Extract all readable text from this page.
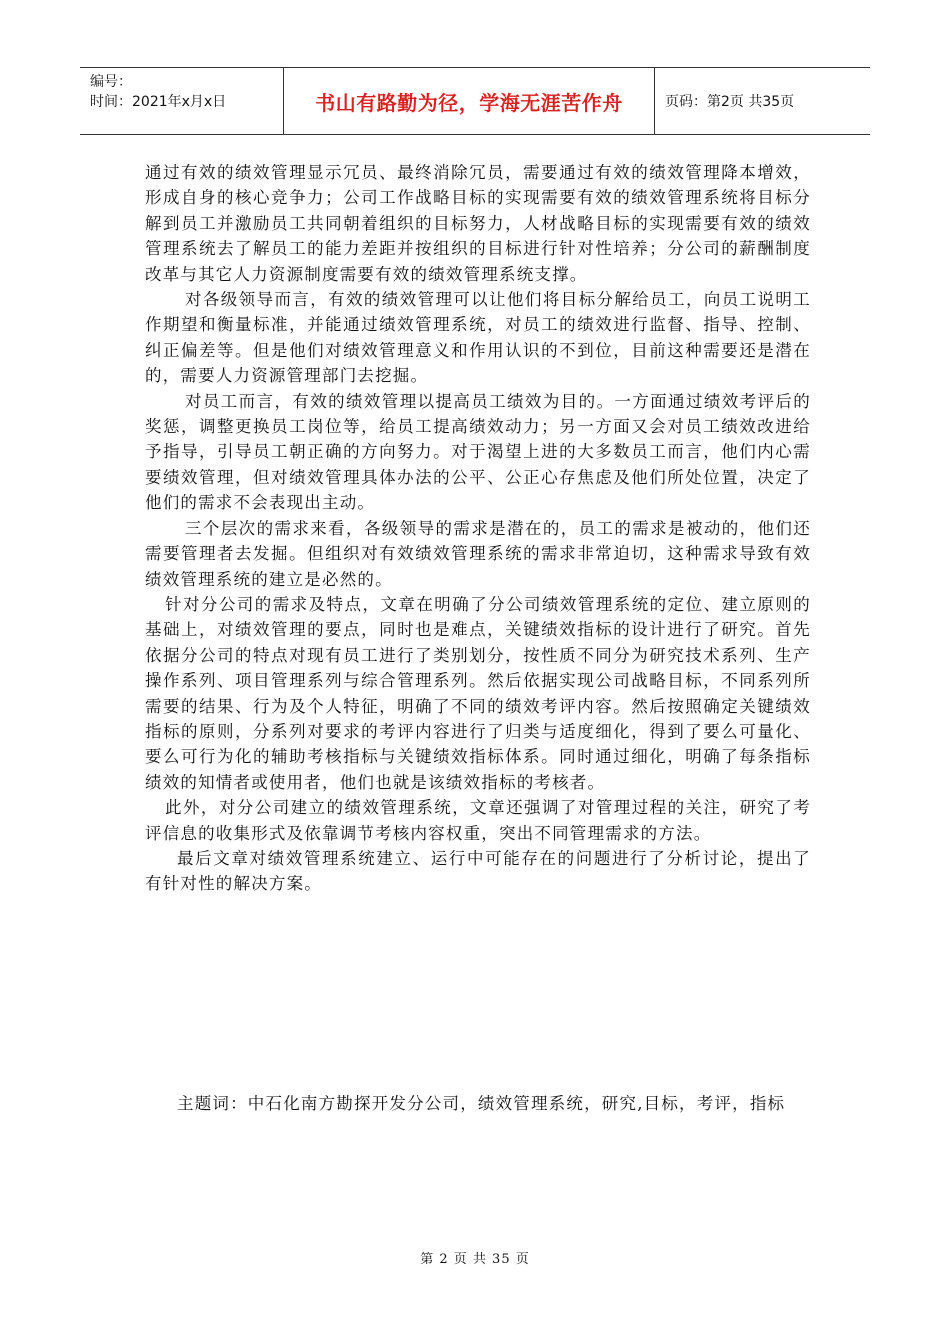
编号：
时间：2021年x月x日	书山有路勤为径，学海无涯苦作舟	页码：第2页 共35页

通过有效的绩效管理显示冗员、最终消除冗员，需要通过有效的绩效管理降本增效，形成自身的核心竞争力；公司工作战略目标的实现需要有效的绩效管理系统将目标分解到员工并激励员工共同朝着组织的目标努力，人材战略目标的实现需要有效的绩效管理系统去了解员工的能力差距并按组织的目标进行针对性培养；分公司的薪酬制度改革与其它人力资源制度需要有效的绩效管理系统支撑。

对各级领导而言，有效的绩效管理可以让他们将目标分解给员工，向员工说明工作期望和衡量标准，并能通过绩效管理系统，对员工的绩效进行监督、指导、控制、纠正偏差等。但是他们对绩效管理意义和作用认识的不到位，目前这种需要还是潜在的，需要人力资源管理部门去挖掘。

对员工而言，有效的绩效管理以提高员工绩效为目的。一方面通过绩效考评后的奖惩，调整更换员工岗位等，给员工提高绩效动力；另一方面又会对员工绩效改进给予指导，引导员工朝正确的方向努力。对于渴望上进的大多数员工而言，他们内心需要绩效管理，但对绩效管理具体办法的公平、公正心存焦虑及他们所处位置，决定了他们的需求不会表现出主动。

三个层次的需求来看，各级领导的需求是潜在的，员工的需求是被动的，他们还需要管理者去发掘。但组织对有效绩效管理系统的需求非常迫切，这种需求导致有效绩效管理系统的建立是必然的。

针对分公司的需求及特点，文章在明确了分公司绩效管理系统的定位、建立原则的基础上，对绩效管理的要点，同时也是难点，关键绩效指标的设计进行了研究。首先依据分公司的特点对现有员工进行了类别划分，按性质不同分为研究技术系列、生产操作系列、项目管理系列与综合管理系列。然后依据实现公司战略目标，不同系列所需要的结果、行为及个人特征，明确了不同的绩效考评内容。然后按照确定关键绩效指标的原则，分系列对要求的考评内容进行了归类与适度细化，得到了要么可量化、要么可行为化的辅助考核指标与关键绩效指标体系。同时通过细化，明确了每条指标绩效的知情者或使用者，他们也就是该绩效指标的考核者。

此外，对分公司建立的绩效管理系统，文章还强调了对管理过程的关注，研究了考评信息的收集形式及依靠调节考核内容权重，突出不同管理需求的方法。

最后文章对绩效管理系统建立、运行中可能存在的问题进行了分析讨论，提出了有针对性的解决方案。

主题词：中石化南方勘探开发分公司，绩效管理系统，研究,目标，考评，指标
第 2 页 共 35 页
